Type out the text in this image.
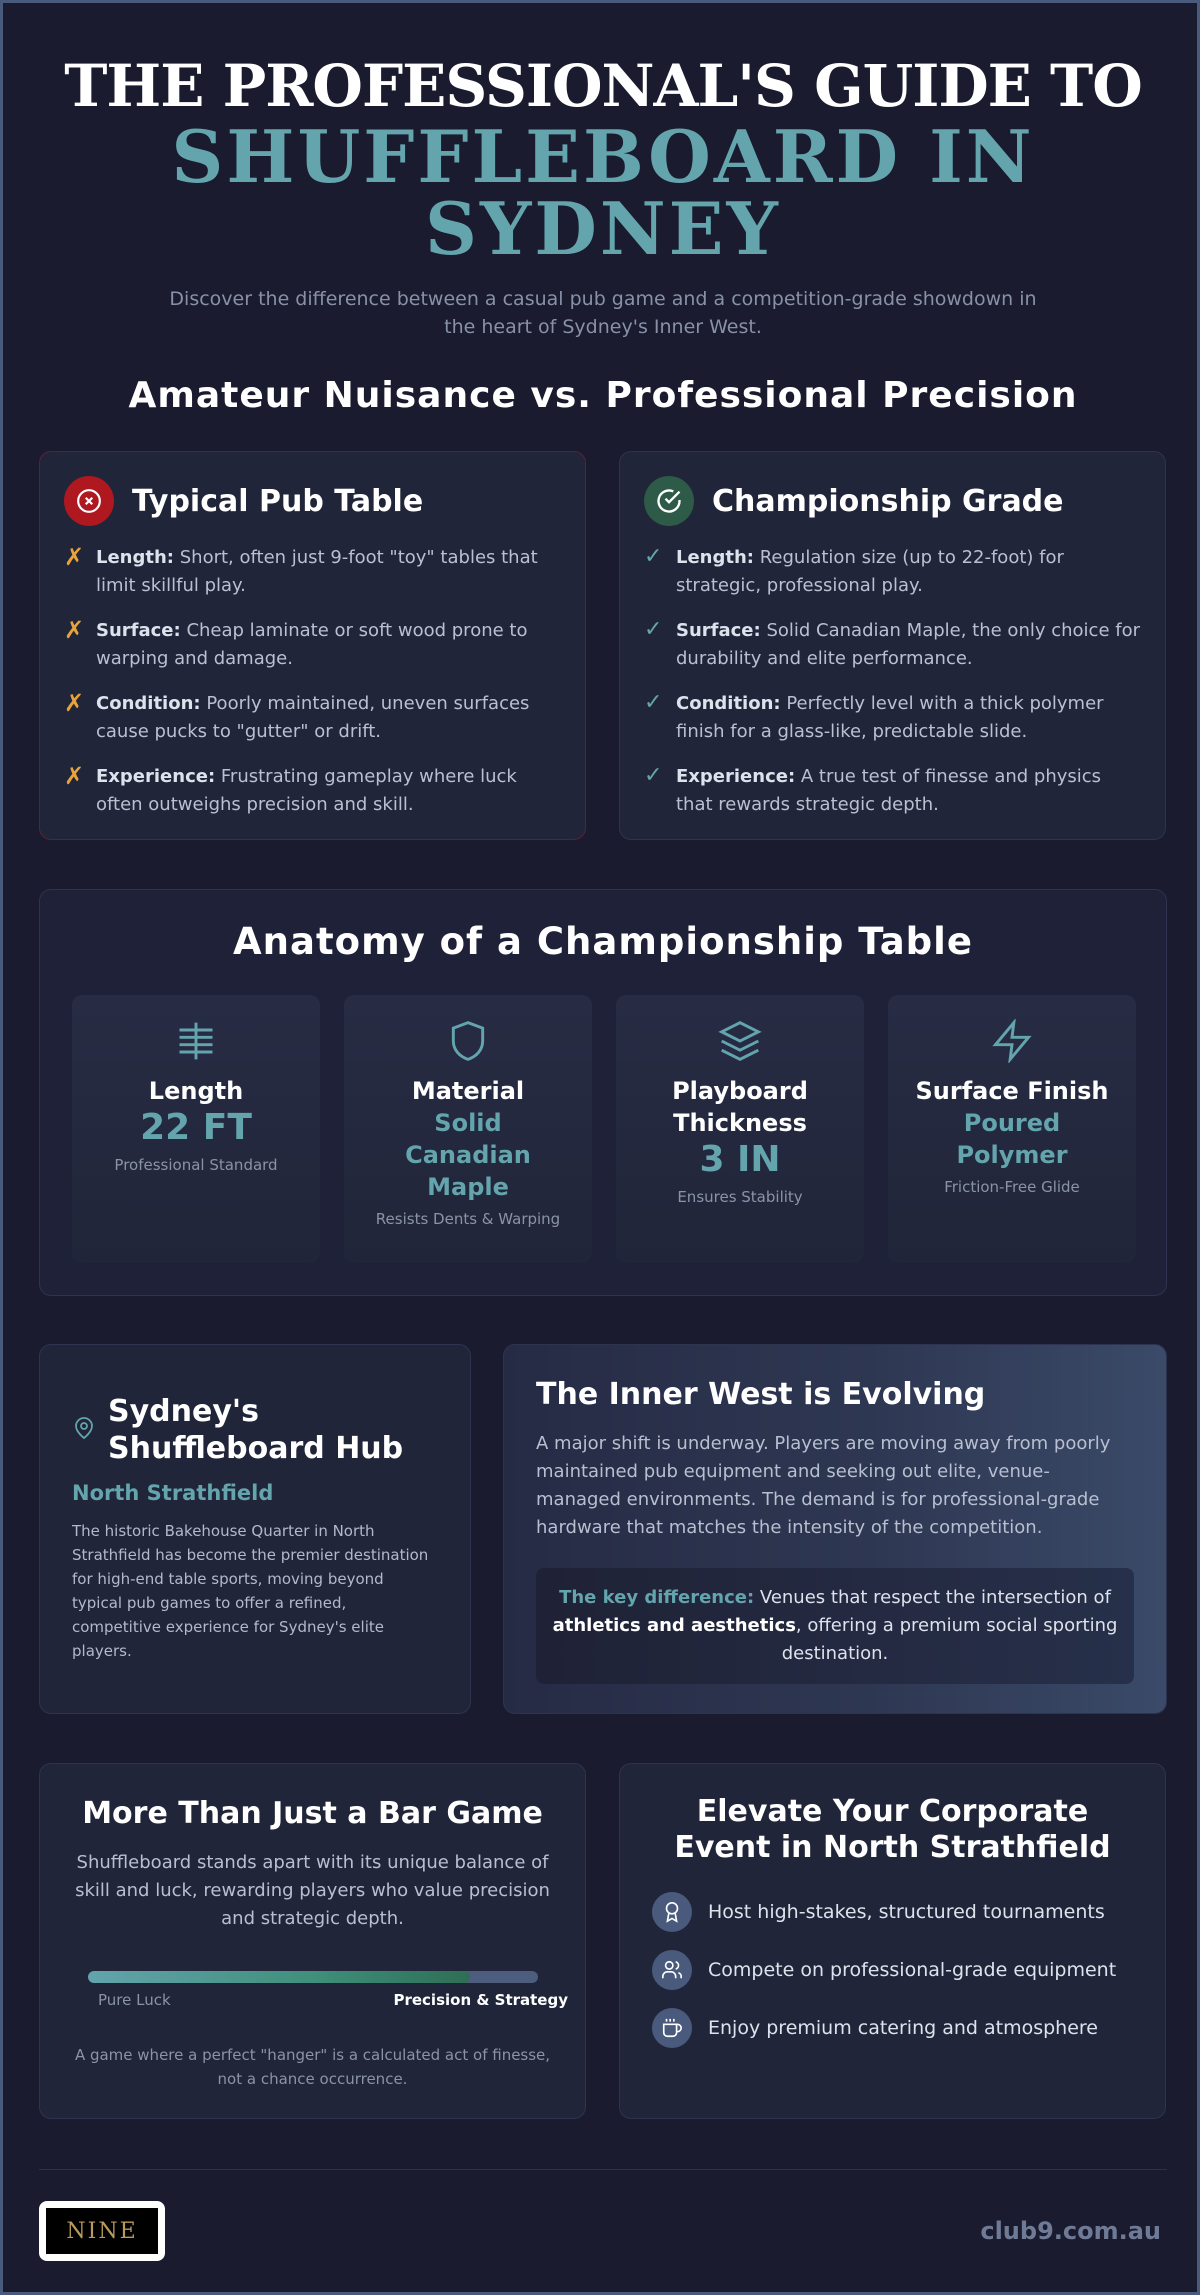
THE PROFESSIONAL'S GUIDE TO
SHUFFLEBOARD IN SYDNEY
Discover the difference between a casual pub game and a competition-grade showdown in the heart of Sydney's Inner West.
Amateur Nuisance vs. Professional Precision
Typical Pub Table
✗ Length: Short, often just 9-foot "toy" tables that limit skillful play.
✗ Surface: Cheap laminate or soft wood prone to warping and damage.
✗ Condition: Poorly maintained, uneven surfaces cause pucks to "gutter" or drift.
✗ Experience: Frustrating gameplay where luck often outweighs precision and skill.
Championship Grade
✓ Length: Regulation size (up to 22-foot) for strategic, professional play.
✓ Surface: Solid Canadian Maple, the only choice for durability and elite performance.
✓ Condition: Perfectly level with a thick polymer finish for a glass-like, predictable slide.
✓ Experience: A true test of finesse and physics that rewards strategic depth.
Anatomy of a Championship Table
Length
22 FT
Professional Standard
Material
Solid Canadian Maple
Resists Dents & Warping
Playboard Thickness
3 IN
Ensures Stability
Surface Finish
Poured Polymer
Friction-Free Glide
Sydney's Shuffleboard Hub
North Strathfield
The historic Bakehouse Quarter in North Strathfield has become the premier destination for high-end table sports, moving beyond typical pub games to offer a refined, competitive experience for Sydney's elite players.
The Inner West is Evolving
A major shift is underway. Players are moving away from poorly maintained pub equipment and seeking out elite, venue-managed environments. The demand is for professional-grade hardware that matches the intensity of the competition.
The key difference: Venues that respect the intersection of athletics and aesthetics, offering a premium social sporting destination.
More Than Just a Bar Game
Shuffleboard stands apart with its unique balance of skill and luck, rewarding players who value precision and strategic depth.
Pure Luck	Precision & Strategy
A game where a perfect "hanger" is a calculated act of finesse, not a chance occurrence.
Elevate Your Corporate Event in North Strathfield
Host high-stakes, structured tournaments
Compete on professional-grade equipment
Enjoy premium catering and atmosphere
NINE	club9.com.au
